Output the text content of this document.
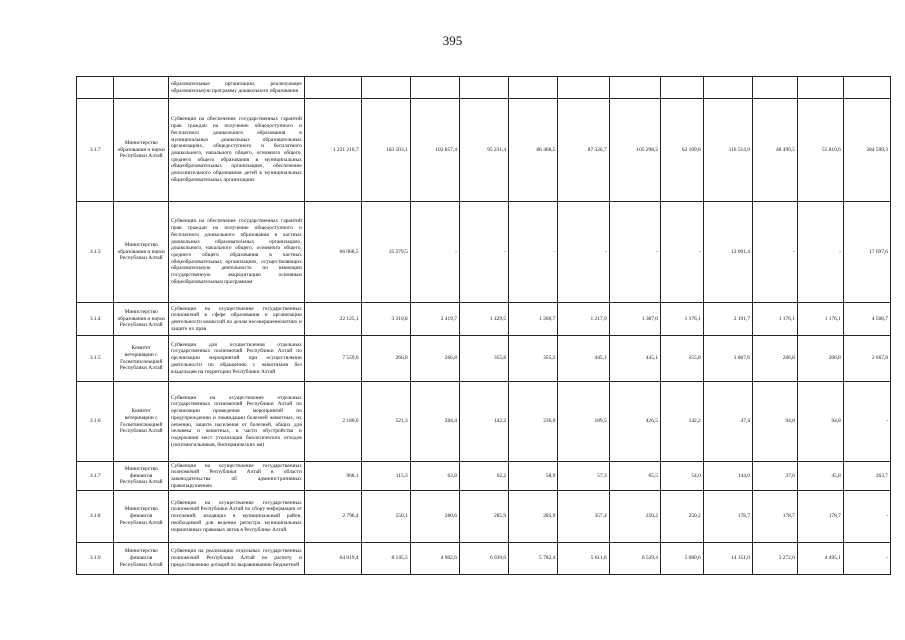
395
		образовательные организации, реализующие образовательную программу дошкольного образования												
3.1.7	Министерство образования и науки Республики Алтай	Субвенция на обеспечение государственных гарантий прав граждан на получение общедоступного и бесплатного дошкольного образования в муниципальных дошкольных образовательных организациях, общедоступного и бесплатного дошкольного, начального общего, основного общего, среднего общего образования в муниципальных общеобразовательных организациях, обеспечение дополнительного образования детей в муниципальных общеобразовательных организациях	1 231 210,7	183 503,1	102 857,4	95 231,4	86 468,5	87 326,7	105 298,2	62 109,8	116 514,9	48 490,5	55 810,6	284 599,3
3.1.3	Министерство образования и науки Республики Алтай	Субвенция на обеспечение государственных гарантий прав граждан на получение общедоступного и бесплатного дошкольного образования в частных дошкольных образовательных организациях, дошкольного, начального общего, основного общего, среднего общего образования в частных общеобразовательных организациях, осуществляющих образовательную деятельность по имеющим государственную аккредитацию основным общеобразовательным программам	66 068,5	35 279,5	-	-	-	-	-	-	13 091,4	-	-	17 697,6
3.1.4	Министерство образования и науки Республики Алтай	Субвенция на осуществление государственных полномочий в сфере образования и организации деятельности комиссий по делам несовершеннолетних и защите их прав	22 125,1	3 310,8	2 419,7	1 429,5	1 260,7	1 217,9	1 387,0	1 176,1	2 191,7	1 176,1	1 176,1	4 508,7
3.1.5	Комитет ветеринарии с Госветинспекцией Республики Алтай	Субвенции для осуществления отдельных государственных полномочий Республики Алтай по организации мероприятий при осуществлении деятельности по обращению с животными без владельцев на территории Республики Алтай	7 559,6	266,8	266,8	355,8	355,2	445,1	445,1	355,8	1 867,6	266,8	266,8	2 667,8
3.1.6	Комитет ветеринарии с Госветинспекцией Республики Алтай	Субвенции на осуществление отдельных государственных полномочий Республики Алтай по организации проведения мероприятий по предупреждению и ликвидации болезней животных, их лечению, защите населения от болезней, общих для человека и животных, в части обустройства и содержания мест утилизации биологических отходов (скотомогильников, биотермических ям)	2 180,0	521,3	284,4	142,2	236,9	189,5	426,5	142,2	47,4	94,8	94,8	-
3.1.7	Министерство финансов Республики Алтай	Субвенция на осуществление государственных полномочий Республики Алтай в области законодательства об административных правонарушениях	968,1	115,3	63,8	62,2	58,9	57,3	65,5	54,0	144,0	37,6	45,8	263,7
3.1.8	Министерство финансов Республики Алтай	Субвенция на осуществление государственных полномочий Республики Алтай по сбору информации от поселений, входящих в муниципальный район, необходимой для ведения регистра муниципальных нормативных правовых актов в Республике Алтай	2 796,4	550,1	280,6	285,9	285,9	357,4	250,2	250,2	178,7	178,7	178,7	-
3.1.9	Министерство финансов Республики Алтай	Субвенция на реализацию отдельных государственных полномочий Республики Алтай по расчету и предоставлению дотаций по выравниванию бюджетной	64 019,4	8 145,5	4 902,6	6 039,0	5 782,4	5 611,8	6 539,4	5 080,6	14 151,0	3 272,0	4 495,1	-
